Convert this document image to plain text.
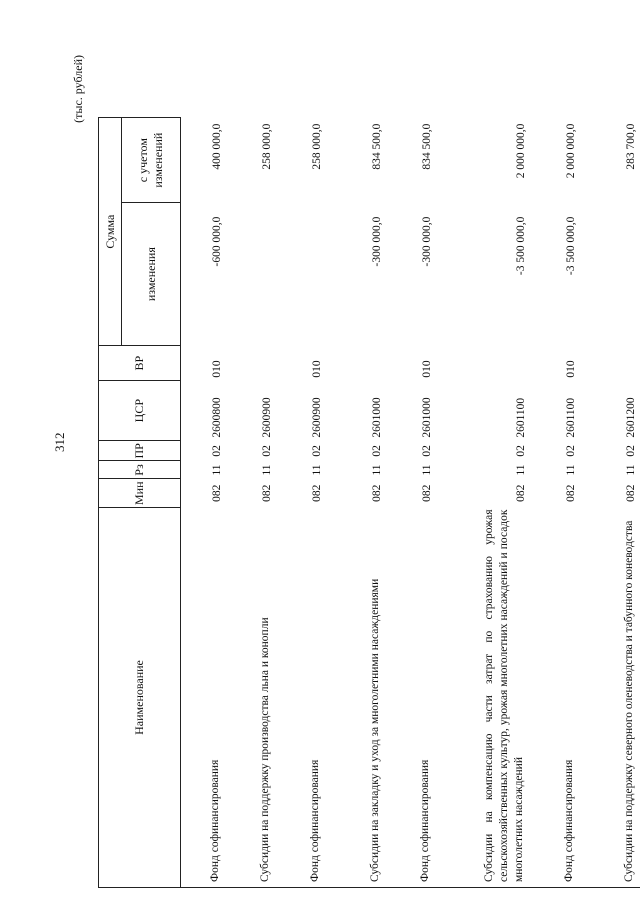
312
(тыс. рублей)
Наименование	Мин	Рз	ПР	ЦСР	ВР	Сумма	
						изменения	с учетом изменений
Фонд софинансирования	082	11	02	2600800	010	-600 000,0	400 000,0
Субсидии на поддержку производства льна и конопли	082	11	02	2600900			258 000,0
Фонд софинансирования	082	11	02	2600900	010		258 000,0
Субсидии на закладку и уход за многолетними насаждениями	082	11	02	2601000		-300 000,0	834 500,0
Фонд софинансирования	082	11	02	2601000	010	-300 000,0	834 500,0
Субсидии на компенсацию части затрат по страхованию урожая сельскохозяйственных культур, урожая многолетних насаждений и посадок многолетних насаждений	082	11	02	2601100		-3 500 000,0	2 000 000,0
Фонд софинансирования	082	11	02	2601100	010	-3 500 000,0	2 000 000,0
Субсидии на поддержку северного оленеводства и табунного коневодства	082	11	02	2601200			283 700,0
